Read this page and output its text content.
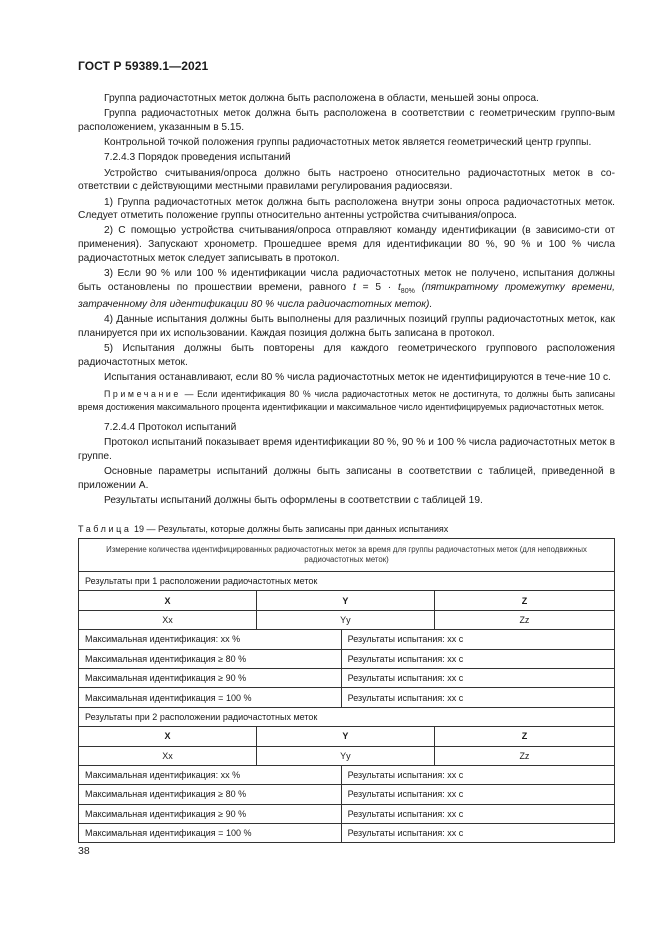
ГОСТ Р 59389.1—2021

Группа радиочастотных меток должна быть расположена в области, меньшей зоны опроса.

Группа радиочастотных меток должна быть расположена в соответствии с геометрическим группо-вым расположением, указанным в 5.15.

Контрольной точкой положения группы радиочастотных меток является геометрический центр группы.

7.2.4.3 Порядок проведения испытаний

Устройство считывания/опроса должно быть настроено относительно радиочастотных меток в со-ответствии с действующими местными правилами регулирования радиосвязи.

1) Группа радиочастотных меток должна быть расположена внутри зоны опроса радиочастотных меток. Следует отметить положение группы относительно антенны устройства считывания/опроса.

2) С помощью устройства считывания/опроса отправляют команду идентификации (в зависимо-сти от применения). Запускают хронометр. Прошедшее время для идентификации 80 %, 90 % и 100 % числа радиочастотных меток следует записывать в протокол.

3) Если 90 % или 100 % идентификации числа радиочастотных меток не получено, испытания должны быть остановлены по прошествии времени, равного $t = 5 \cdot t_{80\%}$ (пятикратному промежутку времени, затраченному для идентификации 80 % числа радиочастотных меток).

4) Данные испытания должны быть выполнены для различных позиций группы радиочастотных меток, как планируется при их использовании. Каждая позиция должна быть записана в протокол.

5) Испытания должны быть повторены для каждого геометрического группового расположения радиочастотных меток.

Испытания останавливают, если 80 % числа радиочастотных меток не идентифицируются в тече-ние 10 с.

Примечание — Если идентификация 80 % числа радиочастотных меток не достигнута, то должны быть записаны время достижения максимального процента идентификации и максимальное число идентифицируемых радиочастотных меток.

7.2.4.4 Протокол испытаний

Протокол испытаний показывает время идентификации 80 %, 90 % и 100 % числа радиочастотных меток в группе.

Основные параметры испытаний должны быть записаны в соответствии с таблицей, приведенной в приложении А.

Результаты испытаний должны быть оформлены в соответствии с таблицей 19.

Таблица 19 — Результаты, которые должны быть записаны при данных испытаниях
Измерение количества идентифицированных радиочастотных меток за время для группы радиочастотных меток (для неподвижных радиочастотных меток)			
Результаты при 1 расположении радиочастотных меток			
X	Y		Z
Xx	Yy		Zz
Максимальная идентификация: хх %		Результаты испытания: хх с	
Максимальная идентификация ≥ 80 %		Результаты испытания: хх с	
Максимальная идентификация ≥ 90 %		Результаты испытания: хх с	
Максимальная идентификация = 100 %		Результаты испытания: хх с	
Результаты при 2 расположении радиочастотных меток			
X	Y		Z
Xx	Yy		Zz
Максимальная идентификация: хх %		Результаты испытания: хх с	
Максимальная идентификация ≥ 80 %		Результаты испытания: хх с	
Максимальная идентификация ≥ 90 %		Результаты испытания: хх с	
Максимальная идентификация = 100 %		Результаты испытания: хх с	
38
